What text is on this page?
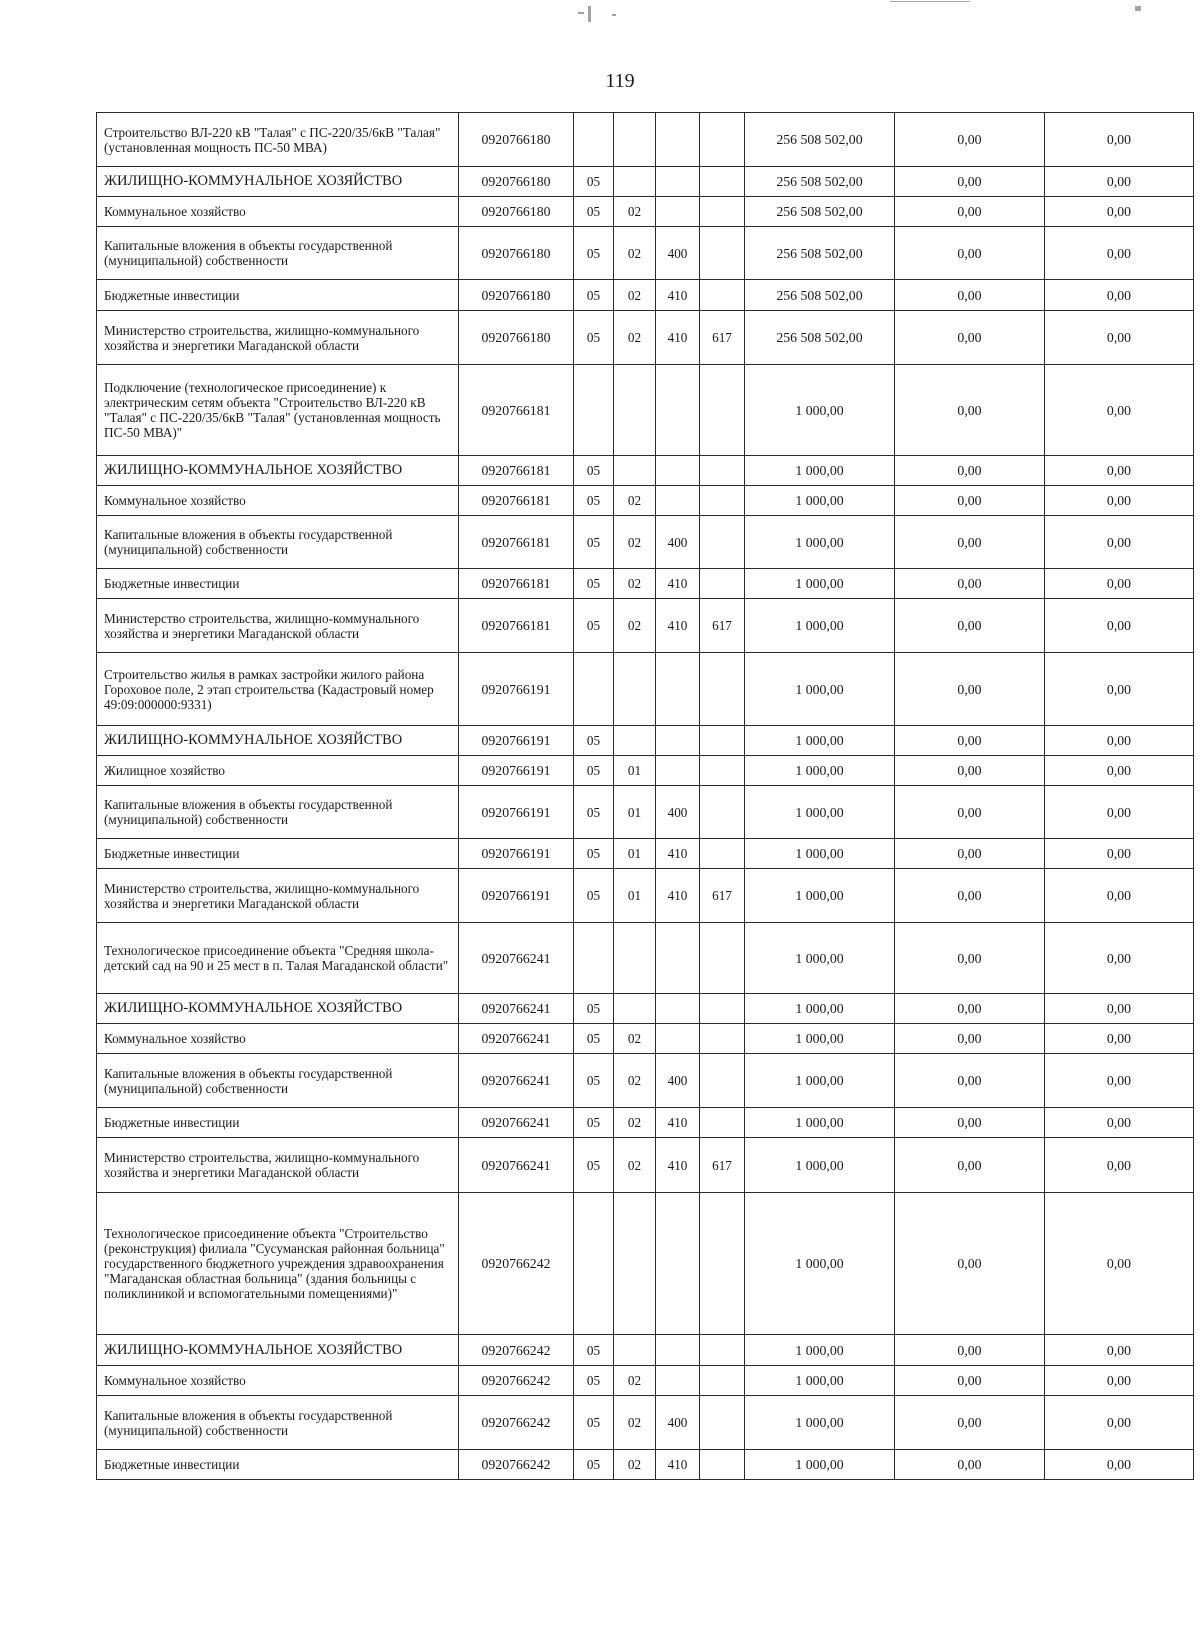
119
Строительство ВЛ-220 кВ "Талая" с ПС-220/35/6кВ "Талая" (установленная мощность ПС-50 МВА)	0920766180					256 508 502,00	0,00	0,00
ЖИЛИЩНО-КОММУНАЛЬНОЕ ХОЗЯЙСТВО	0920766180	05				256 508 502,00	0,00	0,00
Коммунальное хозяйство	0920766180	05	02			256 508 502,00	0,00	0,00
Капитальные вложения в объекты государственной (муниципальной) собственности	0920766180	05	02	400		256 508 502,00	0,00	0,00
Бюджетные инвестиции	0920766180	05	02	410		256 508 502,00	0,00	0,00
Министерство строительства, жилищно-коммунального хозяйства и энергетики Магаданской области	0920766180	05	02	410	617	256 508 502,00	0,00	0,00
Подключение (технологическое присоединение) к электрическим сетям объекта "Строительство ВЛ-220 кВ "Талая" с ПС-220/35/6кВ "Талая" (установленная мощность ПС-50 МВА)"	0920766181					1 000,00	0,00	0,00
ЖИЛИЩНО-КОММУНАЛЬНОЕ ХОЗЯЙСТВО	0920766181	05				1 000,00	0,00	0,00
Коммунальное хозяйство	0920766181	05	02			1 000,00	0,00	0,00
Капитальные вложения в объекты государственной (муниципальной) собственности	0920766181	05	02	400		1 000,00	0,00	0,00
Бюджетные инвестиции	0920766181	05	02	410		1 000,00	0,00	0,00
Министерство строительства, жилищно-коммунального хозяйства и энергетики Магаданской области	0920766181	05	02	410	617	1 000,00	0,00	0,00
Строительство жилья в рамках застройки жилого района Гороховое поле, 2 этап строительства (Кадастровый номер 49:09:000000:9331)	0920766191					1 000,00	0,00	0,00
ЖИЛИЩНО-КОММУНАЛЬНОЕ ХОЗЯЙСТВО	0920766191	05				1 000,00	0,00	0,00
Жилищное хозяйство	0920766191	05	01			1 000,00	0,00	0,00
Капитальные вложения в объекты государственной (муниципальной) собственности	0920766191	05	01	400		1 000,00	0,00	0,00
Бюджетные инвестиции	0920766191	05	01	410		1 000,00	0,00	0,00
Министерство строительства, жилищно-коммунального хозяйства и энергетики Магаданской области	0920766191	05	01	410	617	1 000,00	0,00	0,00
Технологическое присоединение объекта "Средняя школа-детский сад на 90 и 25 мест в п. Талая Магаданской области"	0920766241					1 000,00	0,00	0,00
ЖИЛИЩНО-КОММУНАЛЬНОЕ ХОЗЯЙСТВО	0920766241	05				1 000,00	0,00	0,00
Коммунальное хозяйство	0920766241	05	02			1 000,00	0,00	0,00
Капитальные вложения в объекты государственной (муниципальной) собственности	0920766241	05	02	400		1 000,00	0,00	0,00
Бюджетные инвестиции	0920766241	05	02	410		1 000,00	0,00	0,00
Министерство строительства, жилищно-коммунального хозяйства и энергетики Магаданской области	0920766241	05	02	410	617	1 000,00	0,00	0,00
Технологическое присоединение объекта "Строительство (реконструкция) филиала "Сусуманская районная больница" государственного бюджетного учреждения здравоохранения "Магаданская областная больница" (здания больницы с поликлиникой и вспомогательными помещениями)"	0920766242					1 000,00	0,00	0,00
ЖИЛИЩНО-КОММУНАЛЬНОЕ ХОЗЯЙСТВО	0920766242	05				1 000,00	0,00	0,00
Коммунальное хозяйство	0920766242	05	02			1 000,00	0,00	0,00
Капитальные вложения в объекты государственной (муниципальной) собственности	0920766242	05	02	400		1 000,00	0,00	0,00
Бюджетные инвестиции	0920766242	05	02	410		1 000,00	0,00	0,00
